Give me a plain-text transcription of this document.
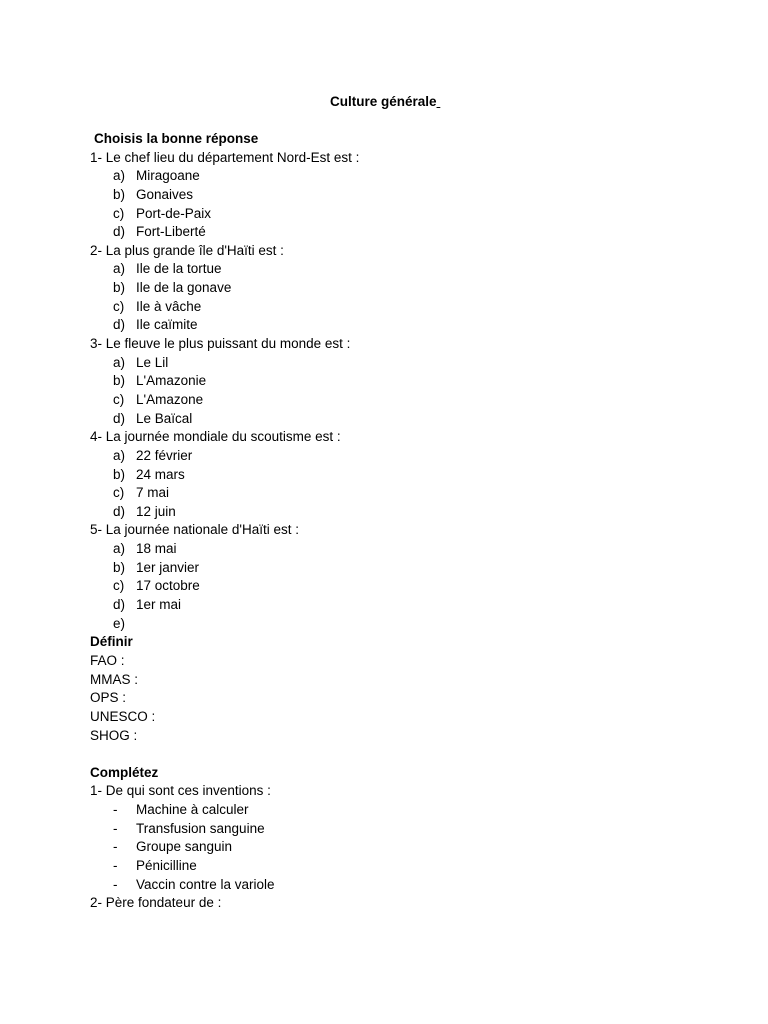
Culture générale
Choisis la bonne réponse
1- Le chef lieu du département Nord-Est est :
a) Miragoane
b) Gonaives
c) Port-de-Paix
d) Fort-Liberté
2- La plus grande île d'Haïti est :
a) Ile de la tortue
b) Ile de la gonave
c) Ile à vâche
d) Ile caïmite
3- Le fleuve le plus puissant du monde est :
a) Le Lil
b) L'Amazonie
c) L'Amazone
d) Le Baïcal
4- La journée mondiale du scoutisme est :
a) 22 février
b) 24 mars
c) 7 mai
d) 12 juin
5- La journée nationale d'Haïti est :
a) 18 mai
b) 1er janvier
c) 17 octobre
d) 1er mai
e)
Définir
FAO :
MMAS :
OPS :
UNESCO :
SHOG :
Complétez
1- De qui sont ces inventions :
- Machine à calculer
- Transfusion sanguine
- Groupe sanguin
- Pénicilline
- Vaccin contre la variole
2- Père fondateur de :
